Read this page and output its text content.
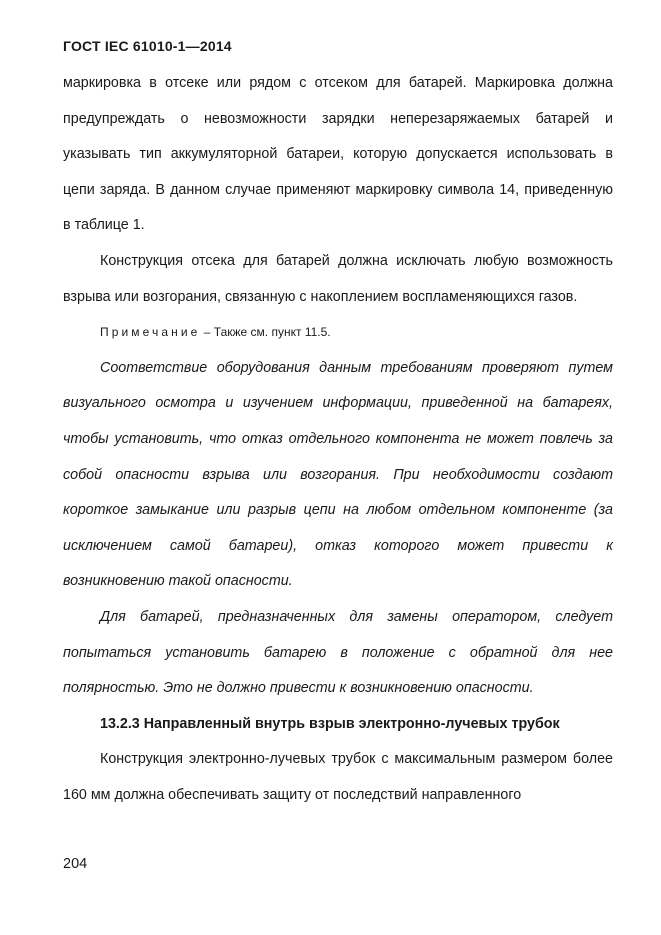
ГОСТ IEC 61010-1—2014

маркировка в отсеке или рядом с отсеком для батарей. Маркировка должна предупреждать о невозможности зарядки неперезаряжаемых батарей и указывать тип аккумуляторной батареи, которую допускается использовать в цепи заряда. В данном случае применяют маркировку символа 14, приведенную в таблице 1.

Конструкция отсека для батарей должна исключать любую возможность взрыва или возгорания, связанную с накоплением воспламеняющихся газов.

Примечание – Также см. пункт 11.5.

Соответствие оборудования данным требованиям проверяют путем визуального осмотра и изучением информации, приведенной на батареях, чтобы установить, что отказ отдельного компонента не может повлечь за собой опасности взрыва или возгорания. При необходимости создают короткое замыкание или разрыв цепи на любом отдельном компоненте (за исключением самой батареи), отказ которого может привести к возникновению такой опасности.

Для батарей, предназначенных для замены оператором, следует попытаться установить батарею в положение с обратной для нее полярностью. Это не должно привести к возникновению опасности.

13.2.3 Направленный внутрь взрыв электронно-лучевых трубок

Конструкция электронно-лучевых трубок с максимальным размером более 160 мм должна обеспечивать защиту от последствий направленного

204
